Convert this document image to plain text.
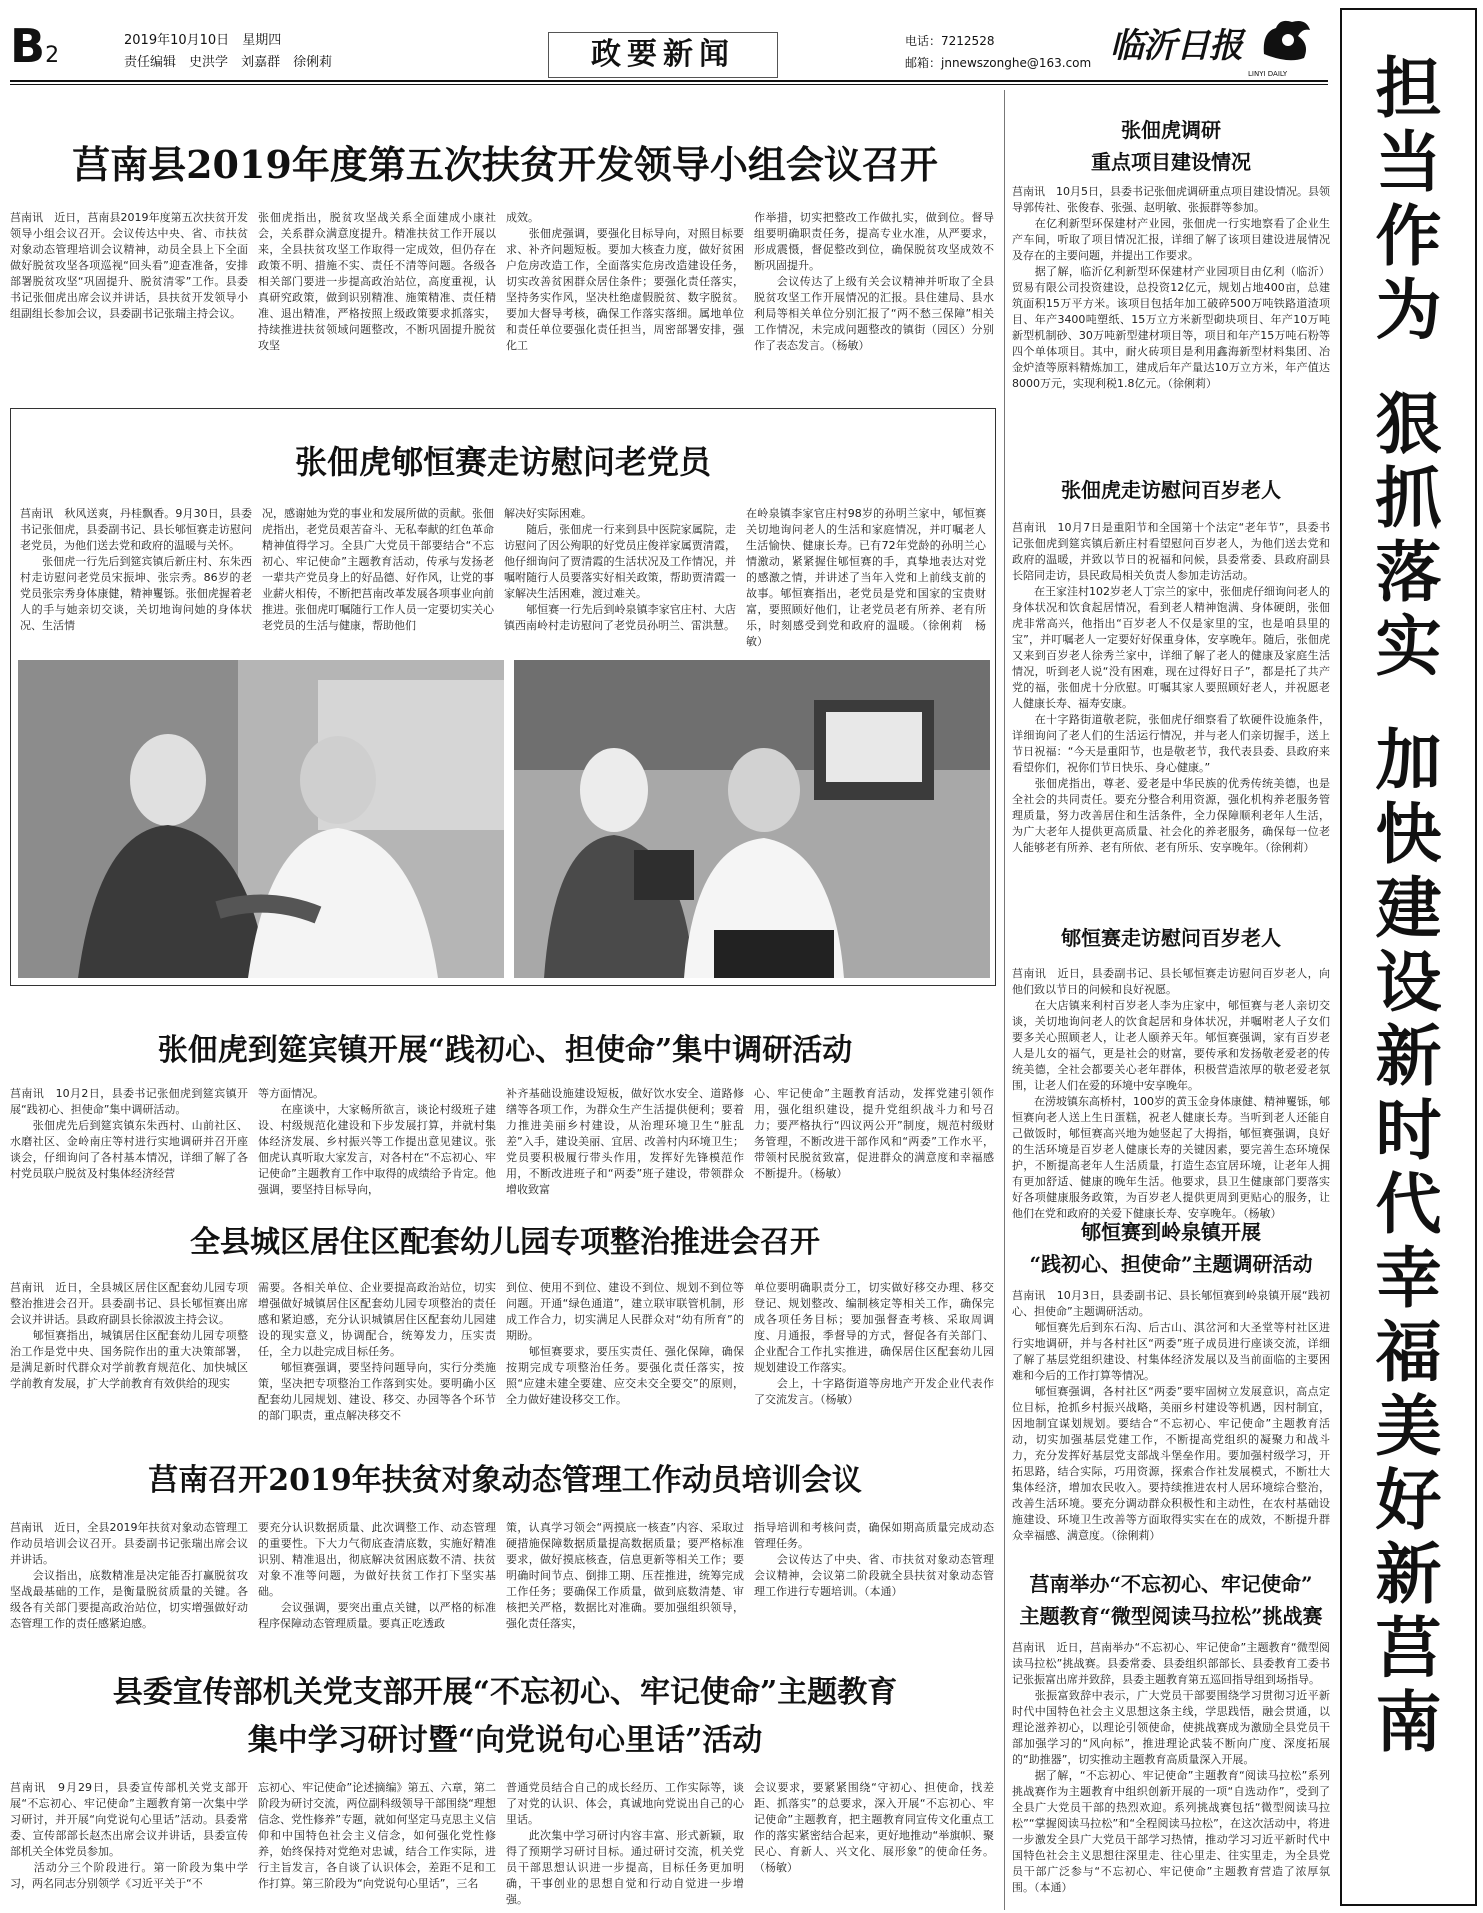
B2
2019年10月10日　 星期四
责任编辑　 史洪学　 刘嘉群　 徐俐莉	政要新闻	电话：7212528
邮箱：jnnewszonghe@163.com 临沂日报
LINYI DAILY	担
当
作
为
狠
抓
落
实
加
快
建
设
新
时
代
幸
福
美
好
新
莒
南
莒南县2019年度第五次扶贫开发领导小组会议召开
莒南讯　近日，莒南县2019年度第五次扶贫开发领导小组会议召开。会议传达中央、省、市扶贫对象动态管理培训会议精神，动员全县上下全面做好脱贫攻坚各项巡视“回头看”迎查准备，安排部署脱贫攻坚“巩固提升、脱贫清零”工作。县委书记张佃虎出席会议并讲话，县扶贫开发领导小组副组长参加会议，县委副书记张瑞主持会议。
张佃虎指出，脱贫攻坚战关系全面建成小康社会，关系群众满意度提升。精准扶贫工作开展以来，全县扶贫攻坚工作取得一定成效，但仍存在政策不明、措施不实、责任不清等问题。各级各相关部门要进一步提高政治站位，高度重视，认真研究政策，做到识别精准、施策精准、责任精准、退出精准，严格按照上级政策要求抓落实，持续推进扶贫领域问题整改，不断巩固提升脱贫攻坚
成效。
　　张佃虎强调，要强化目标导向，对照目标要求、补齐问题短板。要加大核查力度，做好贫困户危房改造工作，全面落实危房改造建设任务，切实改善贫困群众居住条件；要强化责任落实，坚持务实作风，坚决杜绝虚假脱贫、数字脱贫。要加大督导考核，确保工作落实落细。属地单位和责任单位要强化责任担当，周密部署安排，强化工
作举措，切实把整改工作做扎实，做到位。督导组要明确职责任务，提高专业水准，从严要求，形成震慑，督促整改到位，确保脱贫攻坚成效不断巩固提升。
　　会议传达了上级有关会议精神并听取了全县脱贫攻坚工作开展情况的汇报。县住建局、县水利局等相关单位分别汇报了“两不愁三保障”相关工作情况，未完成问题整改的镇街（园区）分别作了表态发言。（杨敏）
张佃虎郇恒赛走访慰问老党员
莒南讯　秋风送爽，丹桂飘香。9月30日，县委书记张佃虎，县委副书记、县长郇恒赛走访慰问老党员，为他们送去党和政府的温暖与关怀。
　　张佃虎一行先后到筵宾镇后新庄村、东朱西村走访慰问老党员宋振坤、张宗秀。86岁的老党员张宗秀身体康健，精神矍铄。张佃虎握着老人的手与她亲切交谈，关切地询问她的身体状况、生活情
况，感谢她为党的事业和发展所做的贡献。张佃虎指出，老党员艰苦奋斗、无私奉献的红色革命精神值得学习。全县广大党员干部要结合“不忘初心、牢记使命”主题教育活动，传承与发扬老一辈共产党员身上的好品德、好作风，让党的事业薪火相传，不断把莒南改革发展各项事业向前推进。张佃虎叮嘱随行工作人员一定要切实关心老党员的生活与健康，帮助他们
解决好实际困难。
　　随后，张佃虎一行来到县中医院家属院，走访慰问了因公殉职的好党员庄俊祥家属贾清霞，他仔细询问了贾清霞的生活状况及工作情况，并嘱咐随行人员要落实好相关政策，帮助贾清霞一家解决生活困难，渡过难关。
　　郇恒赛一行先后到岭泉镇李家官庄村、大店镇西南岭村走访慰问了老党员孙明兰、雷洪慧。
在岭泉镇李家官庄村98岁的孙明兰家中，郇恒赛关切地询问老人的生活和家庭情况，并叮嘱老人生活愉快、健康长寿。已有72年党龄的孙明兰心情激动，紧紧握住郇恒赛的手，真挚地表达对党的感激之情，并讲述了当年入党和上前线支前的故事。郇恒赛指出，老党员是党和国家的宝贵财富，要照顾好他们，让老党员老有所养、老有所乐，时刻感受到党和政府的温暖。（徐俐莉　杨敏）
张佃虎到筵宾镇开展“践初心、担使命”集中调研活动
莒南讯　10月2日，县委书记张佃虎到筵宾镇开展“践初心、担使命”集中调研活动。
　　张佃虎先后到筵宾镇东朱西村、山前社区、水磨社区、金岭南庄等村进行实地调研并召开座谈会，仔细询问了各村基本情况，详细了解了各村党员联户脱贫及村集体经济经营
等方面情况。
　　在座谈中，大家畅所欲言，谈论村级班子建设、村级规范化建设和下步发展打算，并就村集体经济发展、乡村振兴等工作提出意见建议。张佃虎认真听取大家发言，对各村在“不忘初心、牢记使命”主题教育工作中取得的成绩给予肯定。他强调，要坚持目标导向，
补齐基础设施建设短板，做好饮水安全、道路修缮等各项工作，为群众生产生活提供便利；要着力推进美丽乡村建设，从治理环境卫生“脏乱差”入手，建设美丽、宜居、改善村内环境卫生；党员要积极履行带头作用，发挥好先锋模范作用，不断改进班子和“两委”班子建设，带领群众增收致富
心、牢记使命”主题教育活动，发挥党建引领作用，强化组织建设，提升党组织战斗力和号召力；要严格执行“四议两公开”制度，规范村级财务管理，不断改进干部作风和“两委”工作水平，带领村民脱贫致富，促进群众的满意度和幸福感不断提升。（杨敏）
全县城区居住区配套幼儿园专项整治推进会召开
莒南讯　近日，全县城区居住区配套幼儿园专项整治推进会召开。县委副书记、县长郇恒赛出席会议并讲话。县政府副县长徐淑波主持会议。
　　郇恒赛指出，城镇居住区配套幼儿园专项整治工作是党中央、国务院作出的重大决策部署，是满足新时代群众对学前教育规范化、加快城区学前教育发展，扩大学前教育有效供给的现实
需要。各相关单位、企业要提高政治站位，切实增强做好城镇居住区配套幼儿园专项整治的责任感和紧迫感，充分认识城镇居住区配套幼儿园建设的现实意义，协调配合，统筹发力，压实责任，全力以赴完成目标任务。
　　郇恒赛强调，要坚持问题导向，实行分类施策，坚决把专项整治工作落到实处。要明确小区配套幼儿园规划、建设、移交、办园等各个环节的部门职责，重点解决移交不
到位、使用不到位、建设不到位、规划不到位等问题。开通“绿色通道”，建立联审联管机制，形成工作合力，切实满足人民群众对“幼有所育”的期盼。
　　郇恒赛要求，要压实责任、强化保障，确保按期完成专项整治任务。要强化责任落实，按照“应建未建全要建、应交未交全要交”的原则，全力做好建设移交工作。
单位要明确职责分工，切实做好移交办理、移交登记、规划整改、编制核定等相关工作，确保完成各项任务目标；要加强督查考核、采取周调度、月通报，季督导的方式，督促各有关部门、企业配合工作扎实推进，确保居住区配套幼儿园规划建设工作落实。
　　会上，十字路街道等房地产开发企业代表作了交流发言。（杨敏）
莒南召开2019年扶贫对象动态管理工作动员培训会议
莒南讯　近日，全县2019年扶贫对象动态管理工作动员培训会议召开。县委副书记张瑞出席会议并讲话。
　　会议指出，底数精准是决定能否打赢脱贫攻坚战最基础的工作，是衡量脱贫质量的关键。各级各有关部门要提高政治站位，切实增强做好动态管理工作的责任感紧迫感。
要充分认识数据质量、此次调整工作、动态管理的重要性。下大力气彻底查清底数，实施好精准识别、精准退出，彻底解决贫困底数不清、扶贫对象不准等问题，为做好扶贫工作打下坚实基础。
　　会议强调，要突出重点关键，以严格的标准程序保障动态管理质量。要真正吃透政
策，认真学习领会“两摸底一核查”内容、采取过硬措施保障数据质量提高数据质量；要严格标准要求，做好摸底核查，信息更新等相关工作；要明确时间节点、倒排工期、压茬推进，统筹完成工作任务；要确保工作质量，做到底数清楚、审核把关严格，数据比对准确。要加强组织领导，强化责任落实，
指导培训和考核问责，确保如期高质量完成动态管理任务。
　　会议传达了中央、省、市扶贫对象动态管理会议精神，会议第二阶段就全县扶贫对象动态管理工作进行专题培训。（本通）
县委宣传部机关党支部开展“不忘初心、牢记使命”主题教育
集中学习研讨暨“向党说句心里话”活动
莒南讯　9月29日，县委宣传部机关党支部开展“不忘初心、牢记使命”主题教育第一次集中学习研讨，并开展“向党说句心里话”活动。县委常委、宣传部部长赵杰出席会议并讲话，县委宣传部机关全体党员参加。
　　活动分三个阶段进行。第一阶段为集中学习，两名同志分别领学《习近平关于“不
忘初心、牢记使命”论述摘编》第五、六章，第二阶段为研讨交流，两位副科级领导干部围绕“理想信念、党性修养”专题，就如何坚定马克思主义信仰和中国特色社会主义信念，如何强化党性修养，始终保持对党绝对忠诚，结合工作实际，进行主旨发言，各自谈了认识体会，差距不足和工作打算。第三阶段为“向党说句心里话”，三名
普通党员结合自己的成长经历、工作实际等，谈了对党的认识、体会，真诚地向党说出自己的心里话。
　　此次集中学习研讨内容丰富、形式新颖，取得了预期学习研讨目标。通过研讨交流，机关党员干部思想认识进一步提高，目标任务更加明确，干事创业的思想自觉和行动自觉进一步增强。
会议要求，要紧紧围绕“守初心、担使命，找差距、抓落实”的总要求，深入开展“不忘初心、牢记使命”主题教育，把主题教育同宣传文化重点工作的落实紧密结合起来，更好地推动“举旗帜、聚民心、育新人、兴文化、展形象”的使命任务。（杨敏）
张佃虎调研
重点项目建设情况
莒南讯　10月5日，县委书记张佃虎调研重点项目建设情况。县领导郭传社、张俊春、张强、赵明敏、张振群等参加。
　　在亿利新型环保建材产业园，张佃虎一行实地察看了企业生产车间，听取了项目情况汇报，详细了解了该项目建设进展情况及存在的主要问题，并提出工作要求。
　　据了解，临沂亿利新型环保建材产业园项目由亿利（临沂）贸易有限公司投资建设，总投资12亿元，规划占地400亩，总建筑面积15万平方米。该项目包括年加工破碎500万吨铁路道渣项目、年产3400吨塑纸、15万立方米新型砌块项目、年产10万吨新型机制砂、30万吨新型建材项目等，项目和年产15万吨石粉等四个单体项目。其中，耐火砖项目是利用鑫海新型材料集团、冶金炉渣等原料精炼加工，建成后年产量达10万立方米，年产值达8000万元，实现利税1.8亿元。（徐俐莉）
张佃虎走访慰问百岁老人
莒南讯　10月7日是重阳节和全国第十个法定“老年节”，县委书记张佃虎到筵宾镇后新庄村看望慰问百岁老人，为他们送去党和政府的温暖，并致以节日的祝福和问候，县委常委、县政府副县长陪同走访，县民政局相关负责人参加走访活动。
　　在王家洼村102岁老人丁宗兰的家中，张佃虎仔细询问老人的身体状况和饮食起居情况，看到老人精神饱满、身体硬朗，张佃虎非常高兴，他指出“百岁老人不仅是家里的宝，也是咱县里的宝”，并叮嘱老人一定要好好保重身体，安享晚年。随后，张佃虎又来到百岁老人徐秀兰家中，详细了解了老人的健康及家庭生活情况，听到老人说“没有困难，现在过得好日子”，都是托了共产党的福，张佃虎十分欣慰。叮嘱其家人要照顾好老人，并祝愿老人健康长寿、福寿安康。
　　在十字路街道敬老院，张佃虎仔细察看了软硬件设施条件，详细询问了老人们的生活运行情况，并与老人们亲切握手，送上节日祝福：“今天是重阳节，也是敬老节，我代表县委、县政府来看望你们，祝你们节日快乐、身心健康。”
　　张佃虎指出，尊老、爱老是中华民族的优秀传统美德，也是全社会的共同责任。要充分整合利用资源，强化机构养老服务管理质量，努力改善居住和生活条件，全力保障顺利老年人生活，为广大老年人提供更高质量、社会化的养老服务，确保每一位老人能够老有所养、老有所依、老有所乐、安享晚年。（徐俐莉）
郇恒赛走访慰问百岁老人
莒南讯　近日，县委副书记、县长郇恒赛走访慰问百岁老人，向他们致以节日的问候和良好祝愿。
　　在大店镇来利村百岁老人李为庄家中，郇恒赛与老人亲切交谈，关切地询问老人的饮食起居和身体状况，并嘱咐老人子女们要多关心照顾老人，让老人颐养天年。郇恒赛强调，家有百岁老人是儿女的福气，更是社会的财富，要传承和发扬敬老爱老的传统美德，全社会都要关心老年群体，积极营造浓厚的敬老爱老氛围，让老人们在爱的环境中安享晚年。
　　在涝坡镇东高桥村，100岁的黄玉金身体康健、精神矍铄，郇恒赛向老人送上生日蛋糕，祝老人健康长寿。当听到老人还能自己做饭时，郇恒赛高兴地为她竖起了大拇指，郇恒赛强调，良好的生活环境是百岁老人健康长寿的关键因素，要完善生态环境保护，不断提高老年人生活质量，打造生态宜居环境，让老年人拥有更加舒适、健康的晚年生活。他要求，县卫生健康部门要落实好各项健康服务政策，为百岁老人提供更周到更贴心的服务，让他们在党和政府的关爱下健康长寿、安享晚年。（杨敏）
郇恒赛到岭泉镇开展
“践初心、担使命”主题调研活动
莒南讯　10月3日，县委副书记、县长郇恒赛到岭泉镇开展“践初心、担使命”主题调研活动。
　　郇恒赛先后到东石沟、后古山、淇岔河和大圣堂等村社区进行实地调研，并与各村社区“两委”班子成员进行座谈交流，详细了解了基层党组织建设、村集体经济发展以及当前面临的主要困难和今后的工作打算等情况。
　　郇恒赛强调，各村社区“两委”要牢固树立发展意识，高点定位目标，抢抓乡村振兴战略，美丽乡村建设等机遇，因村制宜，因地制宜谋划规划。要结合“不忘初心、牢记使命”主题教育活动，切实加强基层党建工作，不断提高党组织的凝聚力和战斗力，充分发挥好基层党支部战斗堡垒作用。要加强村级学习，开拓思路，结合实际，巧用资源，探索合作社发展模式，不断壮大集体经济，增加农民收入。要持续推进农村人居环境综合整治，改善生活环境。要充分调动群众积极性和主动性，在农村基础设施建设、环境卫生改善等方面取得实实在在的成效，不断提升群众幸福感、满意度。（徐俐莉）
莒南举办“不忘初心、牢记使命”
主题教育“微型阅读马拉松”挑战赛
莒南讯　近日，莒南举办“不忘初心、牢记使命”主题教育“微型阅读马拉松”挑战赛。县委常委、县委组织部部长、县委教育工委书记张振富出席并致辞，县委主题教育第五巡回指导组到场指导。
　　张振富致辞中表示，广大党员干部要围绕学习贯彻习近平新时代中国特色社会主义思想这条主线，学思践悟，融会贯通，以理论滋养初心，以理论引领使命，使挑战赛成为激励全县党员干部加强学习的“风向标”，推进理论武装不断向广度、深度拓展的“助推器”，切实推动主题教育高质量深入开展。
　　据了解，“不忘初心、牢记使命”主题教育“阅读马拉松”系列挑战赛作为主题教育中组织创新开展的一项“自选动作”，受到了全县广大党员干部的热烈欢迎。系列挑战赛包括“微型阅读马拉松”“掌握阅读马拉松”和“全程阅读马拉松”，在这次活动中，将进一步激发全县广大党员干部学习热情，推动学习习近平新时代中国特色社会主义思想往深里走、往心里走、往实里走，为全县党员干部广泛参与“不忘初心、牢记使命”主题教育营造了浓厚氛围。（本通）
